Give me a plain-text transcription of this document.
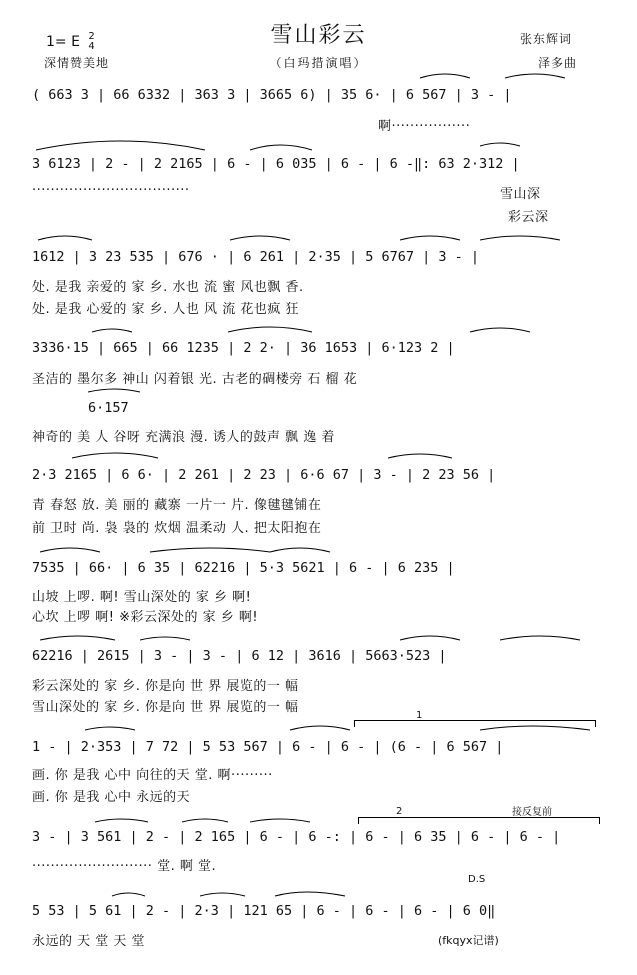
雪山彩云
（白玛措演唱）
1= E 2
4
深情赞美地
张东辉词
泽多曲
( 663 3 | 66 6332 | 363 3 | 3665 6) | 35 6· | 6 567 | 3 - |
啊·················
3 6123 | 2 - | 2 2165 | 6 - | 6 035 | 6 - | 6 -‖: 63 2·312 |
··································	雪山深
彩云深
1612 | 3 23 535 | 676 · | 6 261 | 2·35 | 5 6767 | 3 - |
处. 是我 亲爱的 家 乡. 水也 流 蜜 风也飘 香.
处. 是我 心爱的 家 乡. 人也 风 流 花也疯 狂
3336·15 | 665 | 66 1235 | 2 2· | 36 1653 | 6·123 2 |
圣洁的 墨尔多 神山 闪着银 光. 古老的碉楼旁 石 榴 花
6·157
神奇的 美 人 谷呀 充满浪 漫. 诱人的鼓声 飘 逸 着
2·3 2165 | 6 6· | 2 261 | 2 23 | 6·6 67 | 3 - | 2 23 56 |
青 春怒 放. 美 丽的 藏寨 一片一 片. 像毽毽铺在
前 卫时 尚. 袅 袅的 炊烟 温柔动 人. 把太阳抱在
7535 | 66· | 6 35 | 62216 | 5·3 5621 | 6 - | 6 235 |
山坡 上啰. 啊! 雪山深处的 家 乡 啊!
心坎 上啰 啊! ※彩云深处的 家 乡 啊!
62216 | 2615 | 3 - | 3 - | 6 12 | 3616 | 5663·523 |
彩云深处的 家 乡. 你是向 世 界 展览的一 幅
雪山深处的 家 乡. 你是向 世 界 展览的一 幅
1
1 - | 2·353 | 7 72 | 5 53 567 | 6 - | 6 - | (6 - | 6 567 |
画. 你 是我 心中 向往的天 堂. 啊·········
画. 你 是我 心中 永远的天
2	接反复前
3 - | 3 561 | 2 - | 2 165 | 6 - | 6 -: | 6 - | 6 35 | 6 - | 6 - |
·························· 堂. 啊 堂.
D.S
5 53 | 5 61 | 2 - | 2·3 | 121 65 | 6 - | 6 - | 6 - | 6 0‖
永远的 天 堂 天 堂	(fkqyx记谱)
